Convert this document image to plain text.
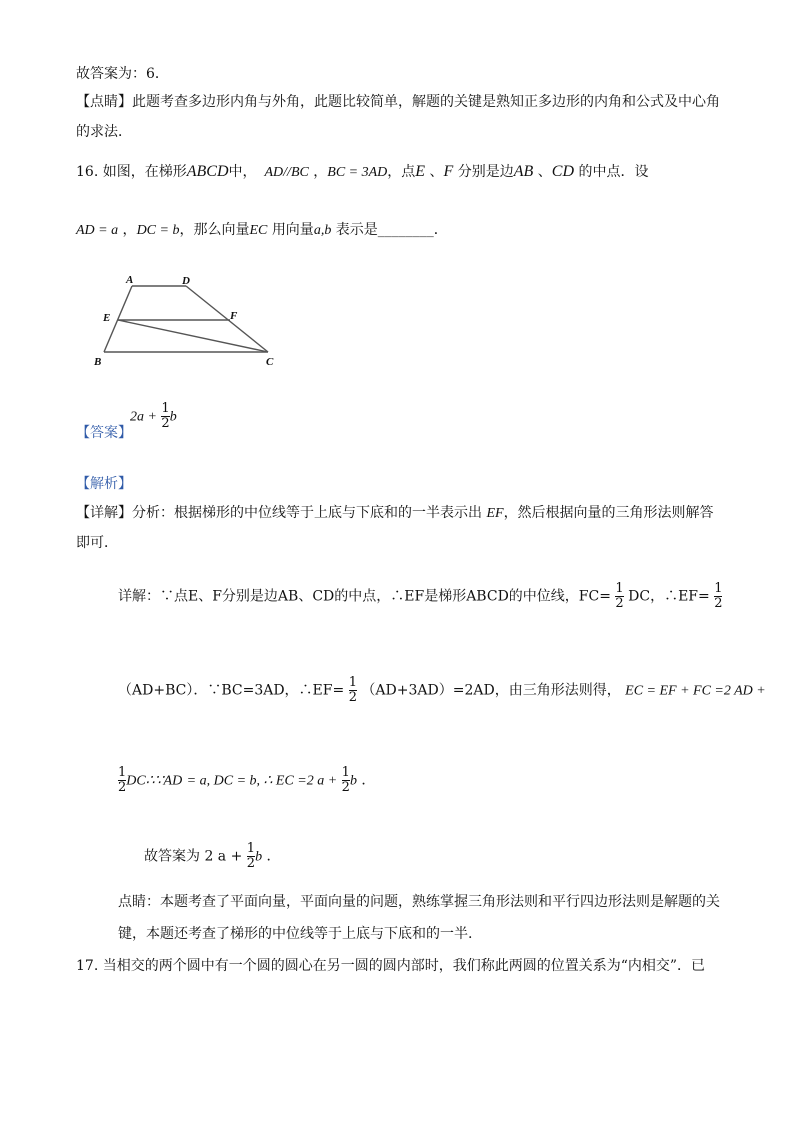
故答案为：6．
【点睛】此题考查多边形内角与外角，此题比较简单，解题的关键是熟知正多边形的内角和公式及中心角
的求法．
16. 如图，在梯形ABCD中， AD//BC ，BC = 3AD，点E 、F 分别是边AB 、CD 的中点．设
AD = a ，DC = b，那么向量EC 用向量a,b 表示是________．
A	D
E	F
B	C
【答案】
$2a + \frac{1}{2}$ b
【解析】
【详解】分析：根据梯形的中位线等于上底与下底和的一半表示出 EF，然后根据向量的三角形法则解答
即可．
详解：∵点E、F分别是边AB、CD的中点，∴EF是梯形ABCD的中位线，$FC= \frac{1}{2}$ DC，∴EF= $\frac{1}{2}$
（AD+BC）．∵BC=3AD，∴EF= $\frac{1}{2} (AD+3AD)=2AD$，由三角形法则得， EC = EF + FC =2 AD +
$\frac{1}{2}$ DC∴∵AD = a, DC = b, ∴ EC =2 $a + \frac{1}{2}$ b ．
故答案为 2 $a + \frac{1}{2}$ b ．
点睛：本题考查了平面向量，平面向量的问题，熟练掌握三角形法则和平行四边形法则是解题的关
键，本题还考查了梯形的中位线等于上底与下底和的一半.
17. 当相交的两个圆中有一个圆的圆心在另一圆的圆内部时，我们称此两圆的位置关系为“内相交”．已
